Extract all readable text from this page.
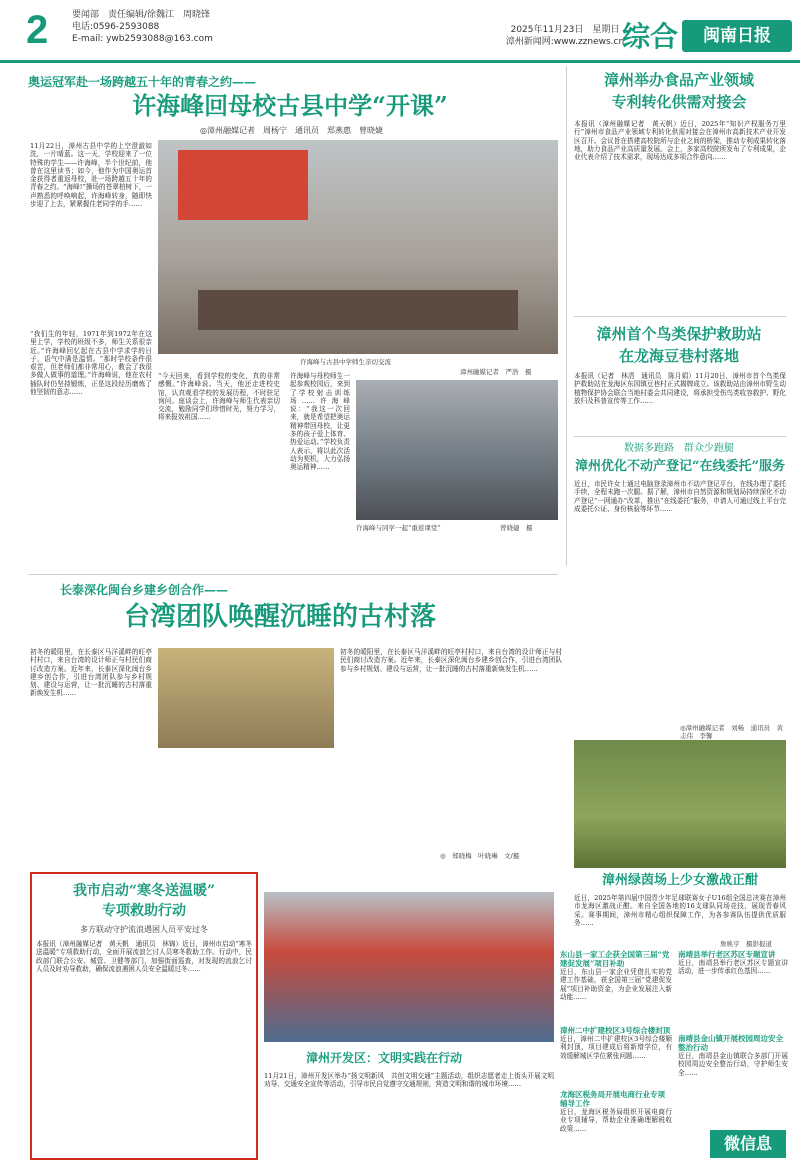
2	要闻部　责任编辑/徐魏江　周晓锋
电话:0596-2593088
E-mail: ywb2593088@163.com
2025年11月23日　星期日
漳州新闻网:www.zznews.cn
综合	闽南日报
奥运冠军赴一场跨越五十年的青春之约——
许海峰回母校古县中学“开课”
◎漳州融媒记者　周杨宁　通讯员　郑燕惠　曾晓婕
11月22日，漳州古县中学的上空澄澈如洗，一片晴蓝。这一天，学校迎来了一位特殊的学生——许海峰，半个世纪前，他曾在这里读书；如今，他作为中国奥运首金获得者重返母校，赴一场跨越五十年的青春之约。“海峰!”操场的苍翠柏树下，一声熟悉的呼唤响起，许海峰转身，随即快步迎了上去，紧紧握住老同学的手……
“我们生的年轻，1971年到1972年在这里上学，学校的班级不多，师生关系很亲近。”许海峰回忆起在古县中学求学的日子，语气中满是温情。“那时学校条件很艰苦，但老师们都非常用心，教会了我很多做人做事的道理。”许海峰说，他在农村插队时仍坚持锻炼，正是这段经历磨炼了他坚韧的意志……
许海峰与古县中学师生亲切交流
漳州融媒记者　严浩　摄
“今天回来，看到学校的变化，真的非常感慨。”许海峰说。当天，他还走进校史馆，认真观看学校的发展历程，不时驻足询问。座谈会上，许海峰与师生代表亲切交流，勉励同学们珍惜时光，努力学习，将来报效祖国……
许海峰与母校师生一起参观校园后，来到了学校射击训练场……许海峰说：“我这一次回来，就是希望把奥运精神带回母校，让更多的孩子爱上体育、热爱运动。”学校负责人表示，将以此次活动为契机，大力弘扬奥运精神……
许海峰与同学一起“重返课堂”	曾晓婕　摄
漳州举办食品产业领域
专利转化供需对接会
本报讯（漳州融媒记者　黄天帆）近日，2025年“知识产权服务万里行”漳州市食品产业领域专利转化供需对接会在漳州市高新技术产业开发区召开。会议旨在搭建高校院所与企业之间的桥梁，推动专利成果转化落地，助力食品产业高质量发展。会上，多家高校院所发布了专利成果，企业代表介绍了技术需求，现场达成多项合作意向……
漳州首个鸟类保护救助站
在龙海豆巷村落地
本报讯（记者　林清　通讯员　陈月娟）11月20日，漳州市首个鸟类保护救助站在龙海区东园镇豆巷村正式揭牌成立。该救助站由漳州市野生动植物保护协会联合当地村委会共同建设，将承担受伤鸟类收容救护、野化放归及科普宣传等工作……
数据多跑路　群众少跑腿
漳州优化不动产登记“在线委托”服务
近日，市民许女士通过电脑登录漳州市不动产登记平台，在线办理了委托手续，全程未跑一次腿。据了解，漳州市自然资源和规划局持续深化不动产登记“一网通办”改革，推出“在线委托”服务，申请人可通过线上平台完成委托公证、身份核验等环节……
◎漳州融媒记者　刘畅　通讯员　黄志伟　李馨
长泰深化闽台乡建乡创合作——
台湾团队唤醒沉睡的古村落
初冬的暖阳里，在长泰区马洋溪畔的旺亭村村口，来自台湾的设计师正与村民们商讨改造方案。近年来，长泰区深化闽台乡建乡创合作，引进台湾团队参与乡村规划、建设与运营，让一批沉睡的古村落重新焕发生机……
初冬的暖阳里，在长泰区马洋溪畔的旺亭村村口，来自台湾的设计师正与村民们商讨改造方案。近年来，长泰区深化闽台乡建乡创合作，引进台湾团队参与乡村规划、建设与运营，让一批沉睡的古村落重新焕发生机……
◎　郑晓梅　叶晓琳　文/摄
漳州绿茵场上少女激战正酣
近日，2025年第四届中国青少年足球联赛女子U16组全国总决赛在漳州市龙海区激战正酣。来自全国各地的16支球队同场竞技，展现青春风采。赛事期间，漳州市精心组织保障工作，为各参赛队伍提供优质服务……
詹映亨　摄影报道
我市启动“寒冬送温暖”
专项救助行动
多方联动守护流浪遇困人员平安过冬
本报讯（漳州融媒记者　黄天帆　通讯员　林锦）近日，漳州市启动“寒冬送温暖”专项救助行动，全面开展流浪乞讨人员寒冬救助工作。行动中，民政部门联合公安、城管、卫健等部门，加强街面巡查，对发现的流浪乞讨人员及时劝导救助，确保流浪遇困人员安全温暖过冬……
漳州开发区：文明实践在行动
11月21日，漳州开发区举办“扬文明新风　共创文明交通”主题活动，组织志愿者走上街头开展文明劝导、交通安全宣传等活动，引导市民自觉遵守交通规则，营造文明和谐的城市环境……
东山县一家工企获全国第三届“党建促发展”项目补助
近日，东山县一家企业凭借扎实的党建工作基础，获全国第三届“党建促发展”项目补助资金，为企业发展注入新动能……
漳州二中扩建校区3号综合楼封顶
近日，漳州二中扩建校区3号综合楼顺利封顶，项目建成后将新增学位，有效缓解城区学位紧张问题……
龙海区税务局开展电商行业专项辅导工作
近日，龙海区税务局组织开展电商行业专项辅导，帮助企业准确理解税收政策……
南靖县举行老区苏区专题宣讲
近日，南靖县举行老区苏区专题宣讲活动，进一步传承红色基因……
南靖县金山镇开展校园周边安全整治行动
近日，南靖县金山镇联合多部门开展校园周边安全整治行动，守护师生安全……
微信息
